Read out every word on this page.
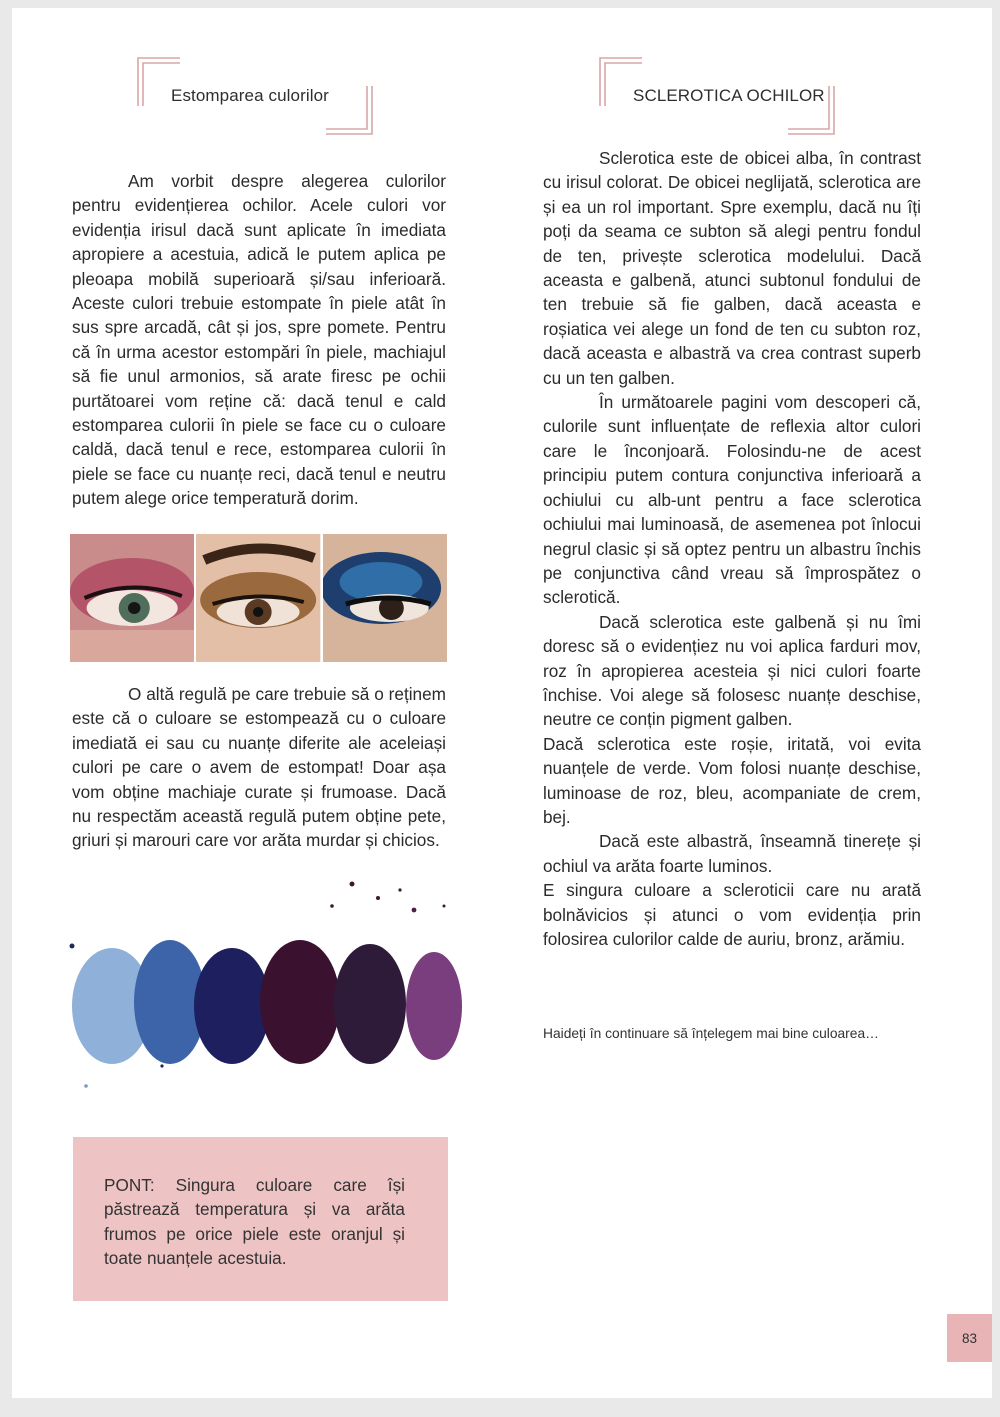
Estomparea culorilor	SCLEROTICA OCHILOR

Am vorbit despre alegerea culorilor pentru evidențierea ochilor. Acele culori vor evidenția irisul dacă sunt aplicate în imediata apropiere a acestuia, adică le putem aplica pe pleoapa mobilă superioară și/sau inferioară. Aceste culori trebuie estompate în piele atât în sus spre arcadă, cât și jos, spre pomete. Pentru că în urma acestor estompări în piele, machiajul să fie unul armonios, să arate firesc pe ochii purtătoarei vom reține că: dacă tenul e cald estomparea culorii în piele se face cu o culoare caldă, dacă tenul e rece, estomparea culorii în piele se face cu nuanțe reci, dacă tenul e neutru putem alege orice temperatură dorim.

O altă regulă pe care trebuie să o reținem este că o culoare se estompează cu o culoare imediată ei sau cu nuanțe diferite ale aceleiași culori pe care o avem de estompat! Doar așa vom obține machiaje curate și frumoase. Dacă nu respectăm această regulă putem obține pete, griuri și marouri care vor arăta murdar și chicios.

PONT: Singura culoare care își păstrează temperatura și va arăta frumos pe orice piele este oranjul și toate nuanțele acestuia.

Sclerotica este de obicei alba, în contrast cu irisul colorat. De obicei neglijată, sclerotica are și ea un rol important. Spre exemplu, dacă nu îți poți da seama ce subton să alegi pentru fondul de ten, privește sclerotica modelului. Dacă aceasta e galbenă, atunci subtonul fondului de ten trebuie să fie galben, dacă aceasta e roșiatica vei alege un fond de ten cu subton roz, dacă aceasta e albastră va crea contrast superb cu un ten galben.

În următoarele pagini vom descoperi că, culorile sunt influențate de reflexia altor culori care le înconjoară. Folosindu-ne de acest principiu putem contura conjunctiva inferioară a ochiului cu alb-unt pentru a face sclerotica ochiului mai luminoasă, de asemenea pot înlocui negrul clasic și să optez pentru un albastru închis pe conjunctiva când vreau să împrospătez o sclerotică.

Dacă sclerotica este galbenă și nu îmi doresc să o evidențiez nu voi aplica farduri mov, roz în apropierea acesteia și nici culori foarte închise. Voi alege să folosesc nuanțe deschise, neutre ce conțin pigment galben.

Dacă sclerotica este roșie, iritată, voi evita nuanțele de verde. Vom folosi nuanțe deschise, luminoase de roz, bleu, acompaniate de crem, bej.

Dacă este albastră, înseamnă tinerețe și ochiul va arăta foarte luminos.

E singura culoare a scleroticii care nu arată bolnăvicios și atunci o vom evidenția prin folosirea culorilor calde de auriu, bronz, arămiu.

Haideți în continuare să înțelegem mai bine culoarea…
83
